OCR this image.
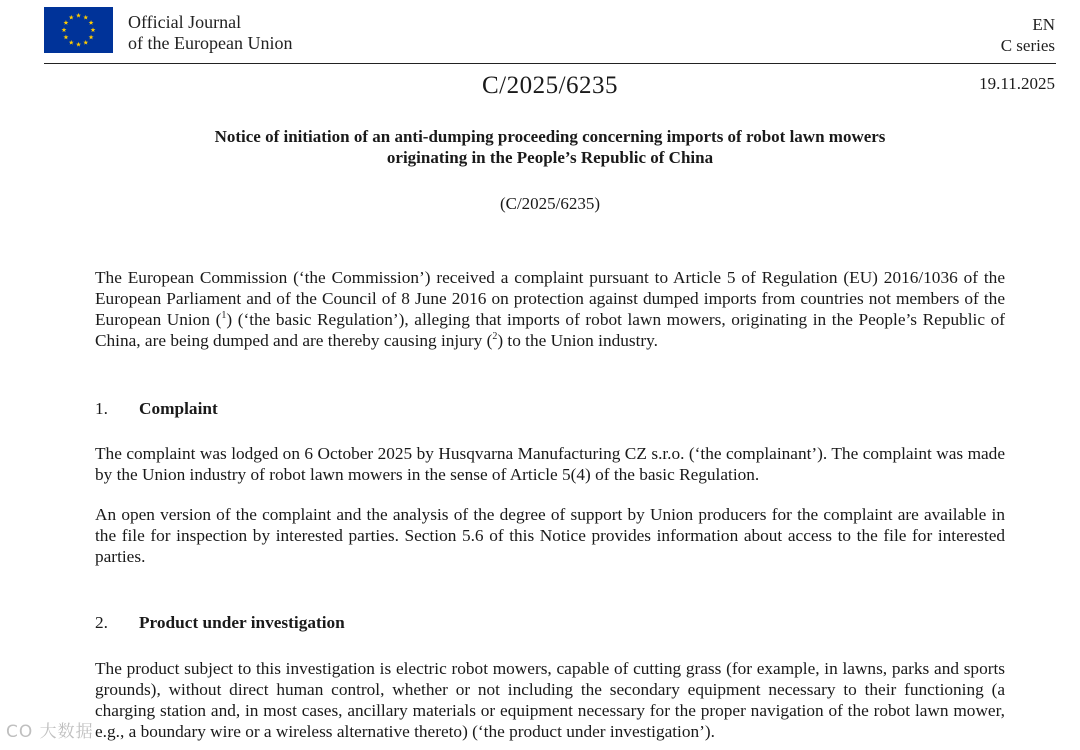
Official Journal
of the European Union
EN
C series
C/2025/6235	19.11.2025
Notice of initiation of an anti-dumping proceeding concerning imports of robot lawn mowers
originating in the People’s Republic of China
(C/2025/6235)
The European Commission (‘the Commission’) received a complaint pursuant to Article 5 of Regulation (EU) 2016/1036 of the European Parliament and of the Council of 8 June 2016 on protection against dumped imports from countries not members of the European Union ($^1$) (‘the basic Regulation’), alleging that imports of robot lawn mowers, originating in the People’s Republic of China, are being dumped and are thereby causing injury ($^2$) to the Union industry.
1. Complaint
The complaint was lodged on 6 October 2025 by Husqvarna Manufacturing CZ s.r.o. (‘the complainant’). The complaint was made by the Union industry of robot lawn mowers in the sense of Article 5(4) of the basic Regulation.
An open version of the complaint and the analysis of the degree of support by Union producers for the complaint are available in the file for inspection by interested parties. Section 5.6 of this Notice provides information about access to the file for interested parties.
2. Product under investigation
The product subject to this investigation is electric robot mowers, capable of cutting grass (for example, in lawns, parks and sports grounds), without direct human control, whether or not including the secondary equipment necessary to their functioning (a charging station and, in most cases, ancillary materials or equipment necessary for the proper navigation of the robot lawn mower, e.g., a boundary wire or a wireless alternative thereto) (‘the product under investigation’).
CO 大数据
